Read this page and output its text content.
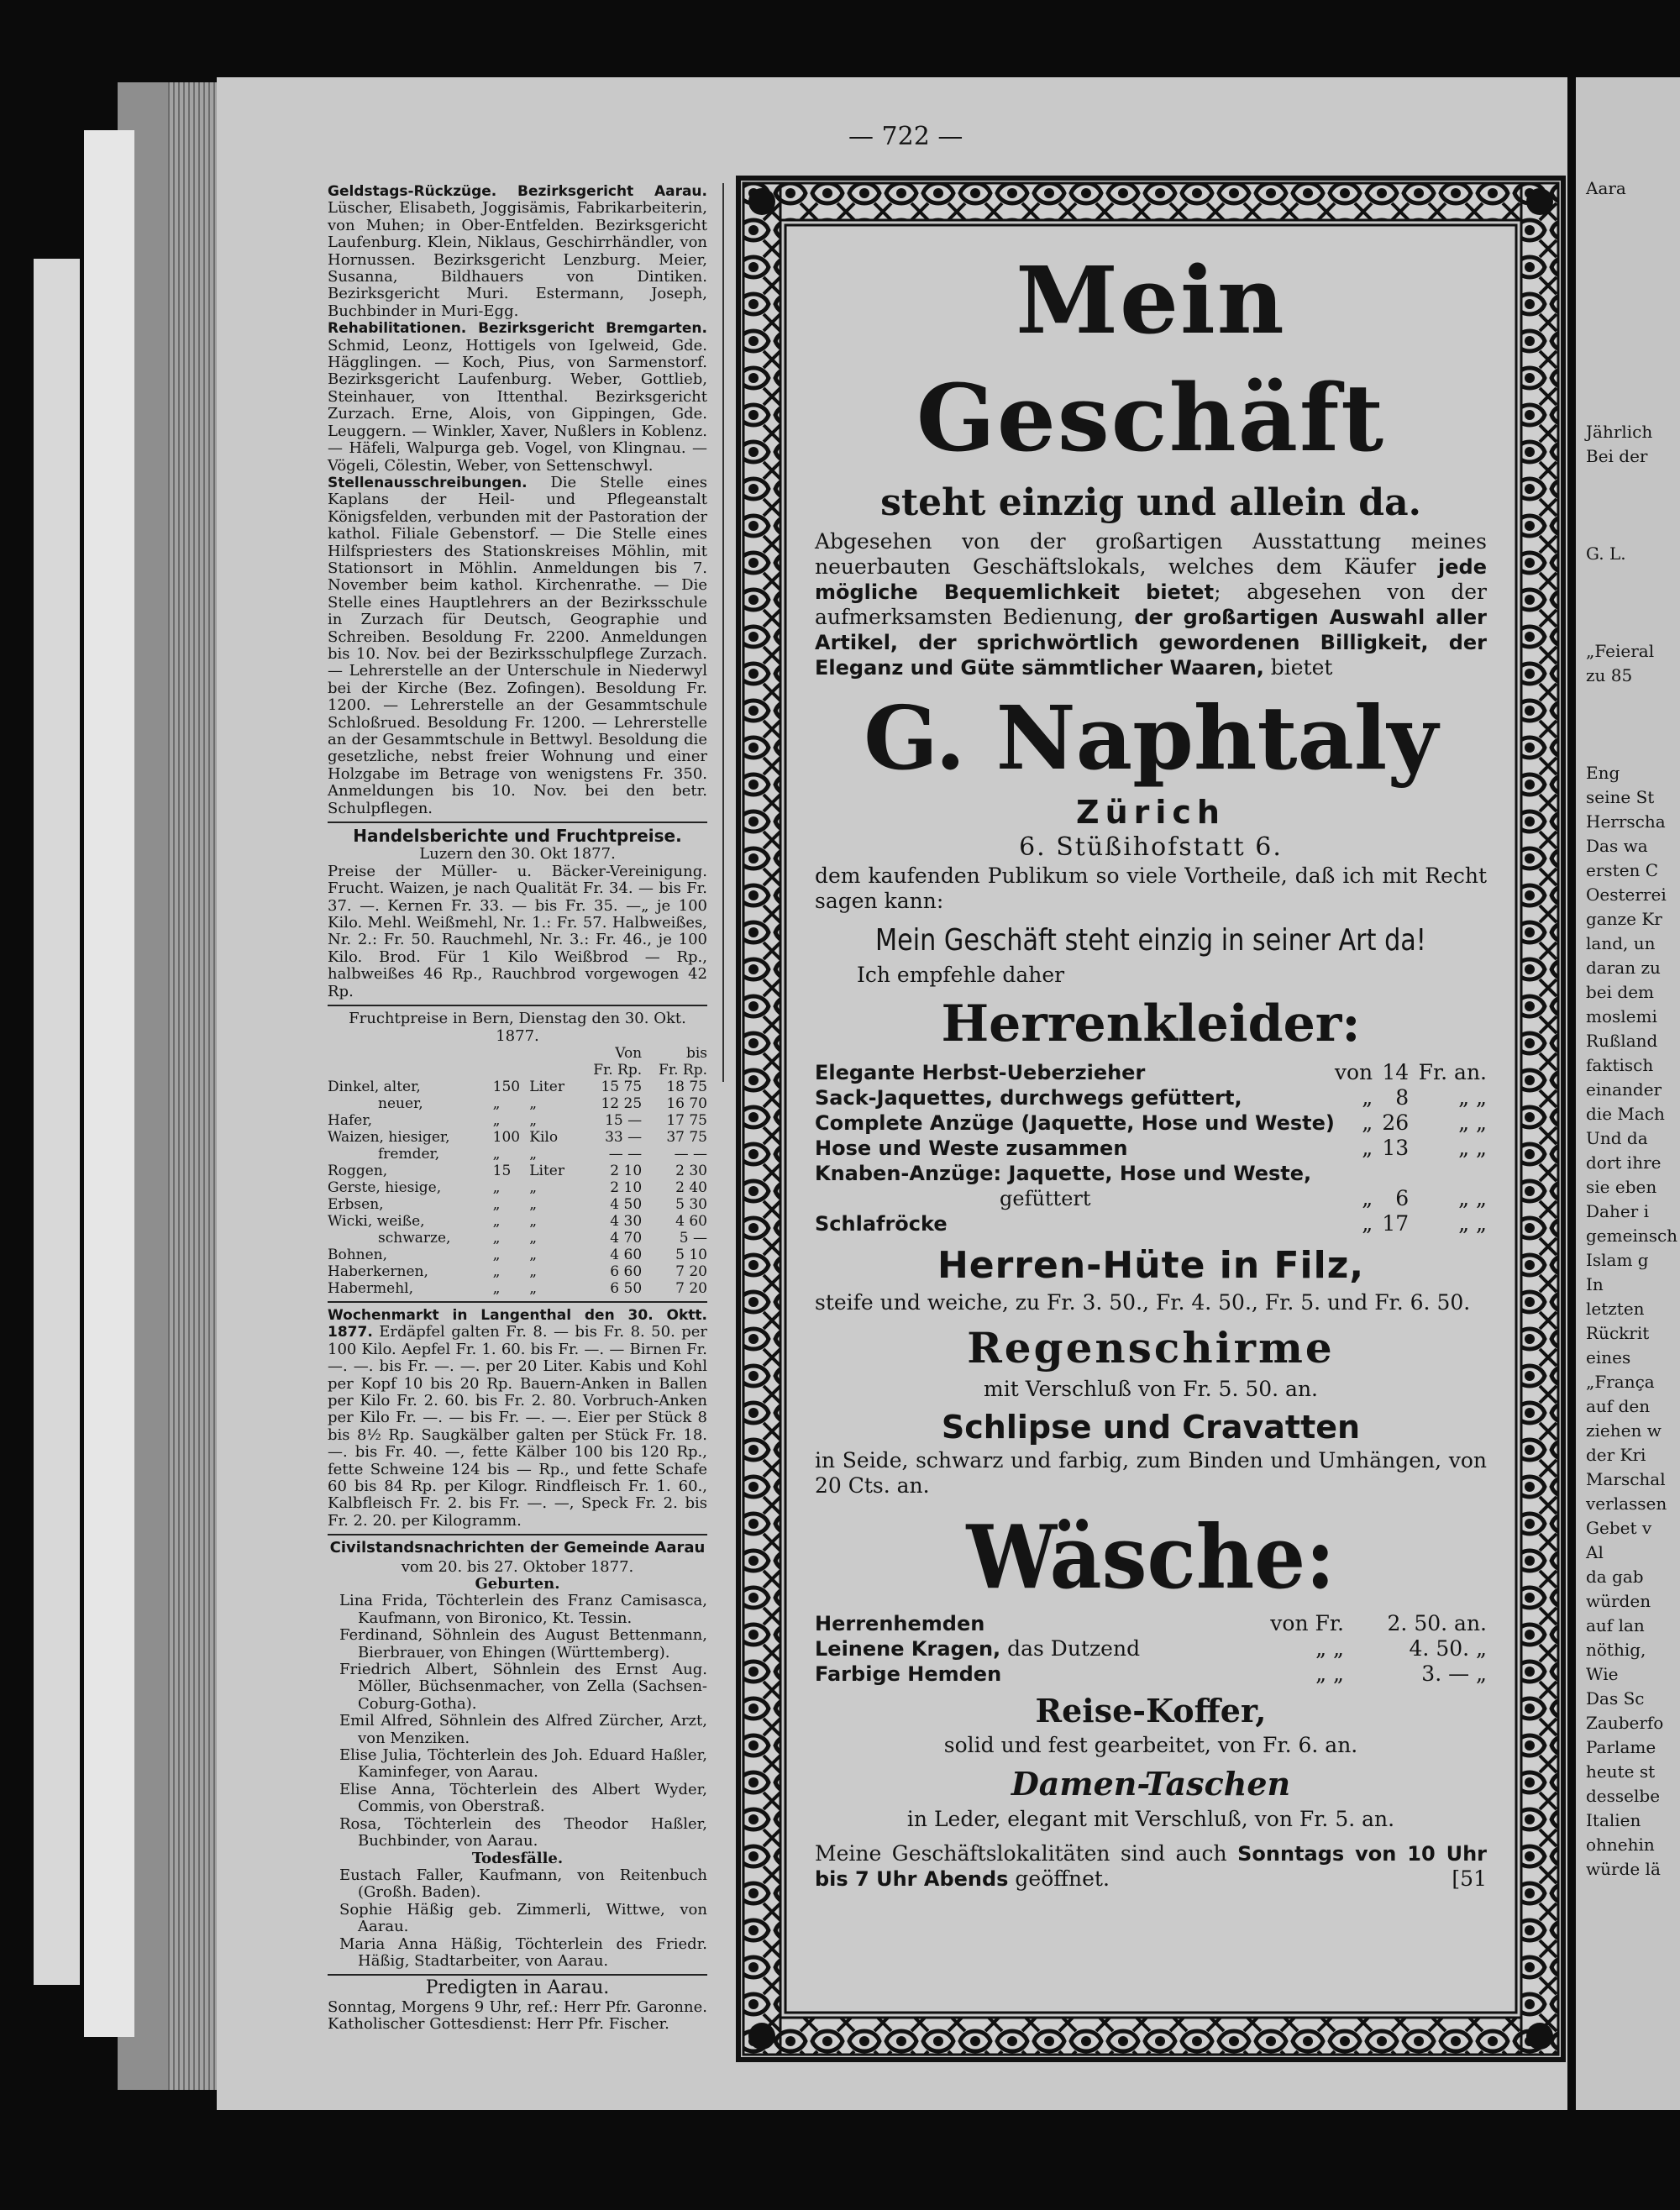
Aara

Jährlich
Bei der

G. L.

„Feieral
zu 85

Eng
seine St
Herrscha
Das wa
ersten C
Oesterrei
ganze Kr
land, un
daran zu
bei dem
moslemi
Rußland
faktisch
einander
die Mach
Und da
dort ihre
sie eben
Daher i
gemeinsch
Islam g
In
letzten
Rückrit
eines
„França
auf den
ziehen w
der Kri
Marschal
verlassen
Gebet v
Al
da gab
würden
auf lan
nöthig,
Wie
Das Sc
Zauberfo
Parlame
heute st
desselbe
Italien
ohnehin
würde lä
— 722 —

Geldstags-Rückzüge. Bezirksgericht Aarau. Lüscher, Elisabeth, Joggisämis, Fabrikarbeiterin, von Muhen; in Ober-Entfelden. Bezirksgericht Laufenburg. Klein, Niklaus, Geschirrhändler, von Hornussen. Bezirksgericht Lenzburg. Meier, Susanna, Bildhauers von Dintiken. Bezirksgericht Muri. Estermann, Joseph, Buchbinder in Muri-Egg.

Rehabilitationen. Bezirksgericht Bremgarten. Schmid, Leonz, Hottigels von Igelweid, Gde. Hägglingen. — Koch, Pius, von Sarmenstorf. Bezirksgericht Laufenburg. Weber, Gottlieb, Steinhauer, von Ittenthal. Bezirksgericht Zurzach. Erne, Alois, von Gippingen, Gde. Leuggern. — Winkler, Xaver, Nußlers in Koblenz. — Häfeli, Walpurga geb. Vogel, von Klingnau. — Vögeli, Cölestin, Weber, von Settenschwyl.

Stellenausschreibungen. Die Stelle eines Kaplans der Heil- und Pflegeanstalt Königsfelden, verbunden mit der Pastoration der kathol. Filiale Gebenstorf. — Die Stelle eines Hilfspriesters des Stationskreises Möhlin, mit Stationsort in Möhlin. Anmeldungen bis 7. November beim kathol. Kirchenrathe. — Die Stelle eines Hauptlehrers an der Bezirksschule in Zurzach für Deutsch, Geographie und Schreiben. Besoldung Fr. 2200. Anmeldungen bis 10. Nov. bei der Bezirksschulpflege Zurzach. — Lehrerstelle an der Unterschule in Niederwyl bei der Kirche (Bez. Zofingen). Besoldung Fr. 1200. — Lehrerstelle an der Gesammtschule Schloßrued. Besoldung Fr. 1200. — Lehrerstelle an der Gesammtschule in Bettwyl. Besoldung die gesetzliche, nebst freier Wohnung und einer Holzgabe im Betrage von wenigstens Fr. 350. Anmeldungen bis 10. Nov. bei den betr. Schulpflegen.

Handelsberichte und Fruchtpreise.

Luzern den 30. Okt 1877.

Preise der Müller- u. Bäcker-Vereinigung. Frucht. Waizen, je nach Qualität Fr. 34. — bis Fr. 37. —. Kernen Fr. 33. — bis Fr. 35. —„ je 100 Kilo. Mehl. Weißmehl, Nr. 1.: Fr. 57. Halbweißes, Nr. 2.: Fr. 50. Rauchmehl, Nr. 3.: Fr. 46., je 100 Kilo. Brod. Für 1 Kilo Weißbrod — Rp., halbweißes 46 Rp., Rauchbrod vorgewogen 42 Rp.

Fruchtpreise in Bern, Dienstag den 30. Okt. 1877.

			Von	bis
			Fr. Rp.	Fr. Rp.
Dinkel, alter,	150	Liter	15 75	18 75
neuer,	„	„	12 25	16 70
Hafer,	„	„	15 —	17 75
Waizen, hiesiger,	100	Kilo	33 —	37 75
fremder,	„	„	— —	— —
Roggen,	15	Liter	2 10	2 30
Gerste, hiesige,	„	„	2 10	2 40
Erbsen,	„	„	4 50	5 30
Wicki, weiße,	„	„	4 30	4 60
schwarze,	„	„	4 70	5 —
Bohnen,	„	„	4 60	5 10
Haberkernen,	„	„	6 60	7 20
Habermehl,	„	„	6 50	7 20

Wochenmarkt in Langenthal den 30. Oktt. 1877. Erdäpfel galten Fr. 8. — bis Fr. 8. 50. per 100 Kilo. Aepfel Fr. 1. 60. bis Fr. —. — Birnen Fr. —. —. bis Fr. —. —. per 20 Liter. Kabis und Kohl per Kopf 10 bis 20 Rp. Bauern-Anken in Ballen per Kilo Fr. 2. 60. bis Fr. 2. 80. Vorbruch-Anken per Kilo Fr. —. — bis Fr. —. —. Eier per Stück 8 bis 8½ Rp. Saugkälber galten per Stück Fr. 18. —. bis Fr. 40. —, fette Kälber 100 bis 120 Rp., fette Schweine 124 bis — Rp., und fette Schafe 60 bis 84 Rp. per Kilogr. Rindfleisch Fr. 1. 60., Kalbfleisch Fr. 2. bis Fr. —. —, Speck Fr. 2. bis Fr. 2. 20. per Kilogramm.

Civilstandsnachrichten der Gemeinde Aarau

vom 20. bis 27. Oktober 1877.

Geburten.

Lina Frida, Töchterlein des Franz Camisasca, Kaufmann, von Bironico, Kt. Tessin.

Ferdinand, Söhnlein des August Bettenmann, Bierbrauer, von Ehingen (Württemberg).

Friedrich Albert, Söhnlein des Ernst Aug. Möller, Büchsenmacher, von Zella (Sachsen-Coburg-Gotha).

Emil Alfred, Söhnlein des Alfred Zürcher, Arzt, von Menziken.

Elise Julia, Töchterlein des Joh. Eduard Haßler, Kaminfeger, von Aarau.

Elise Anna, Töchterlein des Albert Wyder, Commis, von Oberstraß.

Rosa, Töchterlein des Theodor Haßler, Buchbinder, von Aarau.

Todesfälle.

Eustach Faller, Kaufmann, von Reitenbuch (Großh. Baden).

Sophie Häßig geb. Zimmerli, Wittwe, von Aarau.

Maria Anna Häßig, Töchterlein des Friedr. Häßig, Stadtarbeiter, von Aarau.

Predigten in Aarau.

Sonntag, Morgens 9 Uhr, ref.: Herr Pfr. Garonne. Katholischer Gottesdienst: Herr Pfr. Fischer.

Mein Geschäft

steht einzig und allein da.

Abgesehen von der großartigen Ausstattung meines neuerbauten Geschäftslokals, welches dem Käufer jede mögliche Bequemlichkeit bietet; abgesehen von der aufmerksamsten Bedienung, der großartigen Auswahl aller Artikel, der sprichwörtlich gewordenen Billigkeit, der Eleganz und Güte sämmtlicher Waaren, bietet

G. Naphtaly

Zürich

6. Stüßihofstatt 6.

dem kaufenden Publikum so viele Vortheile, daß ich mit Recht sagen kann:

Mein Geschäft steht einzig in seiner Art da!

Ich empfehle daher

Herrenkleider:

Elegante Herbst-Ueberzieher	von	14	Fr. an.
Sack-Jaquettes, durchwegs gefüttert,	„	8	„ „
Complete Anzüge (Jaquette, Hose und Weste)	„	26	„ „
Hose und Weste zusammen	„	13	„ „
Knaben-Anzüge: Jaquette, Hose und Weste,			
gefüttert	„	6	„ „
Schlafröcke	„	17	„ „

Herren-Hüte in Filz,

steife und weiche, zu Fr. 3. 50., Fr. 4. 50., Fr. 5. und Fr. 6. 50.

Regenschirme

mit Verschluß von Fr. 5. 50. an.

Schlipse und Cravatten

in Seide, schwarz und farbig, zum Binden und Umhängen, von 20 Cts. an.

Wäsche:

Herrenhemden	von Fr.	2. 50. an.
Leinene Kragen, das Dutzend	„ „	4. 50. „
Farbige Hemden	„ „	3. — „

Reise-Koffer,

solid und fest gearbeitet, von Fr. 6. an.

Damen-Taschen

in Leder, elegant mit Verschluß, von Fr. 5. an.

Meine Geschäftslokalitäten sind auch Sonntags von 10 Uhr bis 7 Uhr Abends geöffnet.	[51
